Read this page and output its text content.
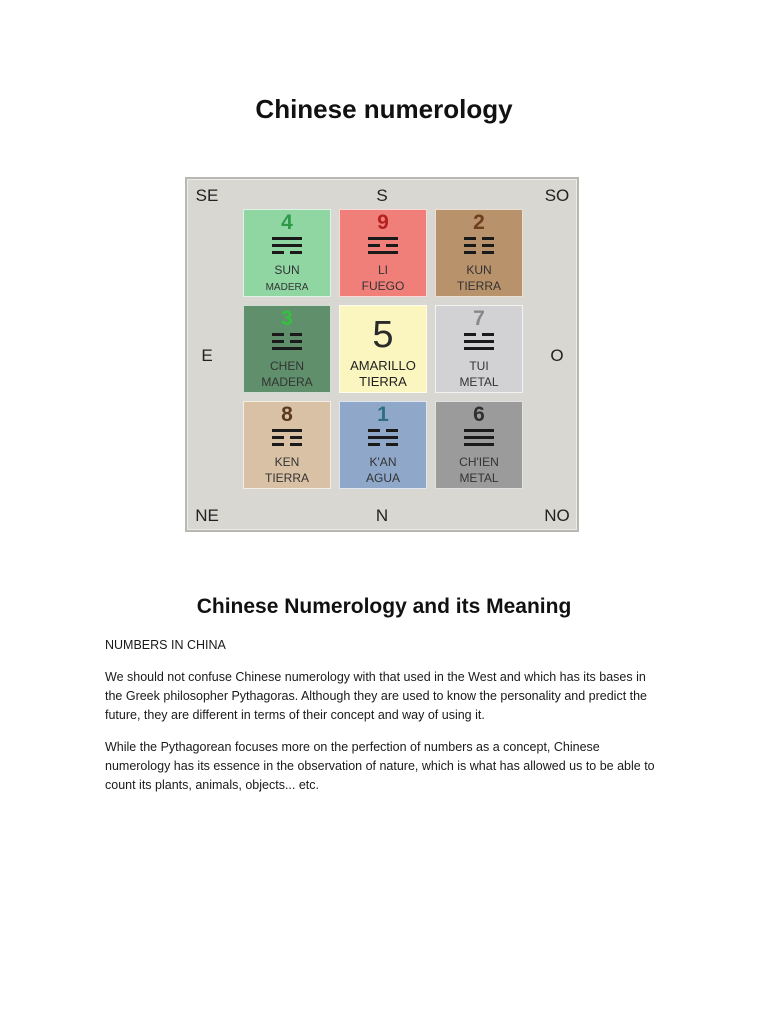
Chinese numerology
SE	S	SO
E	O
NE	N	NO
4
SUN
MADERA
9
LI
FUEGO
2
KUN
TIERRA
3
CHEN
MADERA
5
AMARILLO
TIERRA
7
TUI
METAL
8
KEN
TIERRA
1
K'AN
AGUA
6
CH'IEN
METAL
Chinese Numerology and its Meaning

NUMBERS IN CHINA

We should not confuse Chinese numerology with that used in the West and which has its bases in the Greek philosopher Pythagoras. Although they are used to know the personality and predict the future, they are different in terms of their concept and way of using it.

While the Pythagorean focuses more on the perfection of numbers as a concept, Chinese numerology has its essence in the observation of nature, which is what has allowed us to be able to count its plants, animals, objects... etc.
